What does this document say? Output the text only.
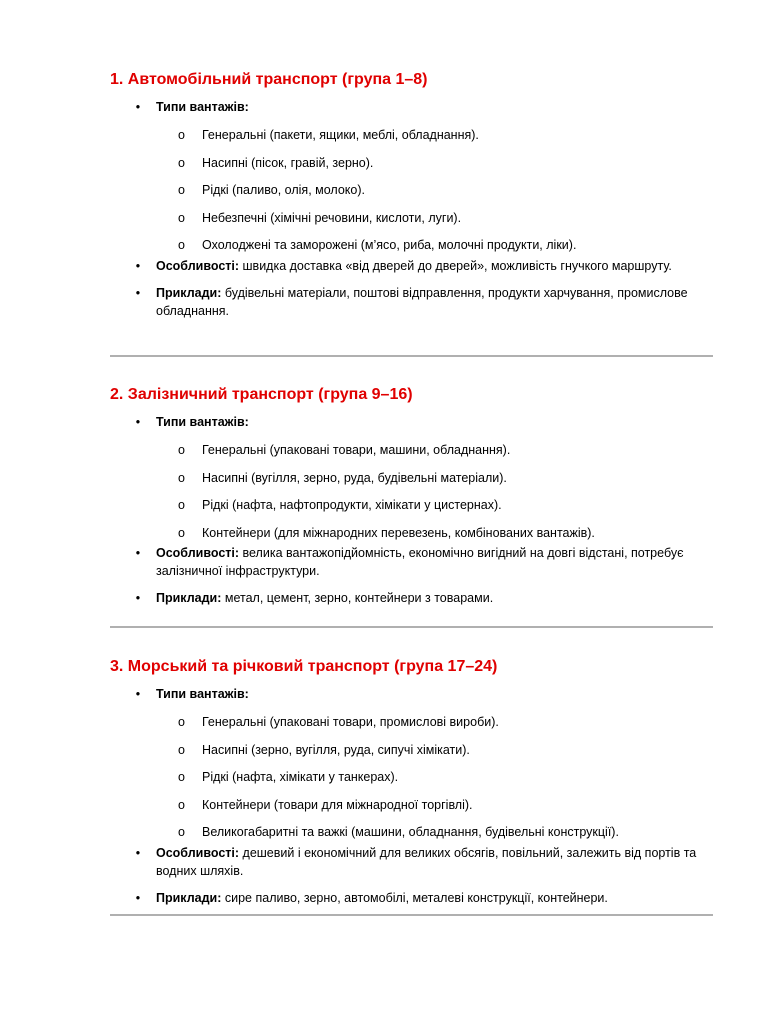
1. Автомобільний транспорт (група 1–8)
•	Типи вантажів:
o Генеральні (пакети, ящики, меблі, обладнання).
o Насипні (пісок, гравій, зерно).
o Рідкі (паливо, олія, молоко).
o Небезпечні (хімічні речовини, кислоти, луги).
o Охолоджені та заморожені (м’ясо, риба, молочні продукти, ліки).
•	Особливості: швидка доставка «від дверей до дверей», можливість гнучкого маршруту.
•	Приклади: будівельні матеріали, поштові відправлення, продукти харчування, промислове обладнання.
2. Залізничний транспорт (група 9–16)
•	Типи вантажів:
o Генеральні (упаковані товари, машини, обладнання).
o Насипні (вугілля, зерно, руда, будівельні матеріали).
o Рідкі (нафта, нафтопродукти, хімікати у цистернах).
o Контейнери (для міжнародних перевезень, комбінованих вантажів).
•	Особливості: велика вантажопідйомність, економічно вигідний на довгі відстані, потребує залізничної інфраструктури.
•	Приклади: метал, цемент, зерно, контейнери з товарами.
3. Морський та річковий транспорт (група 17–24)
•	Типи вантажів:
o Генеральні (упаковані товари, промислові вироби).
o Насипні (зерно, вугілля, руда, сипучі хімікати).
o Рідкі (нафта, хімікати у танкерах).
o Контейнери (товари для міжнародної торгівлі).
o Великогабаритні та важкі (машини, обладнання, будівельні конструкції).
•	Особливості: дешевий і економічний для великих обсягів, повільний, залежить від портів та водних шляхів.
•	Приклади: сире паливо, зерно, автомобілі, металеві конструкції, контейнери.
